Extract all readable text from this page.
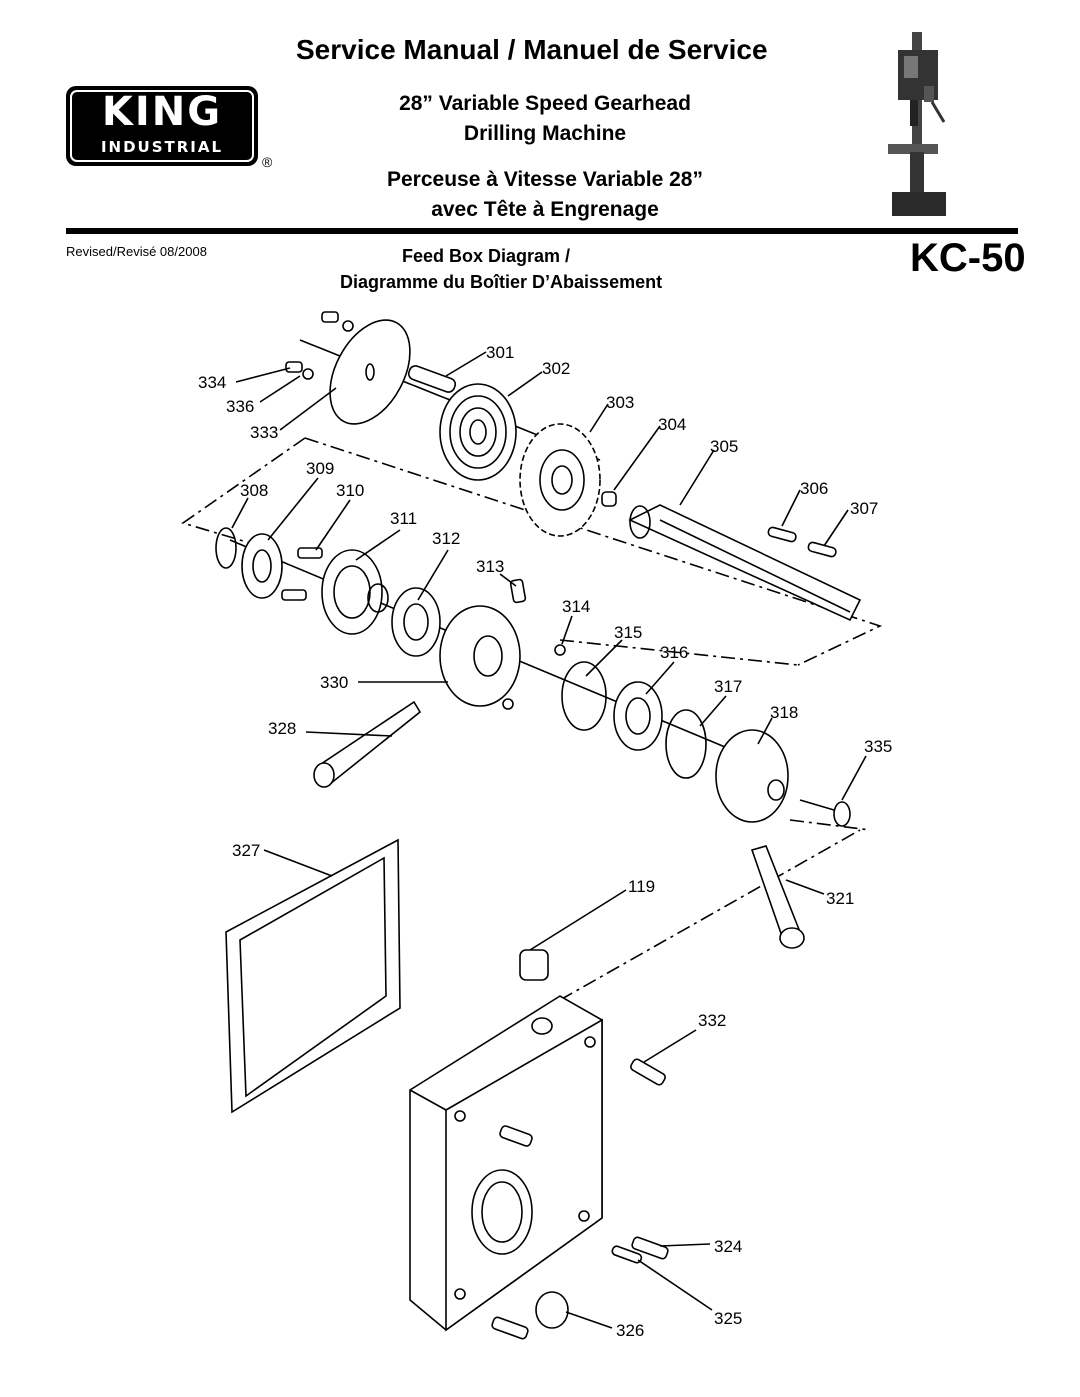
Service Manual / Manuel de Service
28” Variable Speed Gearhead
Drilling Machine
Perceuse à Vitesse Variable 28”
avec Tête à Engrenage
KING
INDUSTRIAL
®
Revised/Revisé 08/2008	Feed Box Diagram /
Diagramme du Boîtier D’Abaissement
KC-50
301
302
303
304
305
306
307
308
309
310
311
312
313
314
315
316
317
318
321
324
325
326
327
328
330
332
333
334
335
336
119
